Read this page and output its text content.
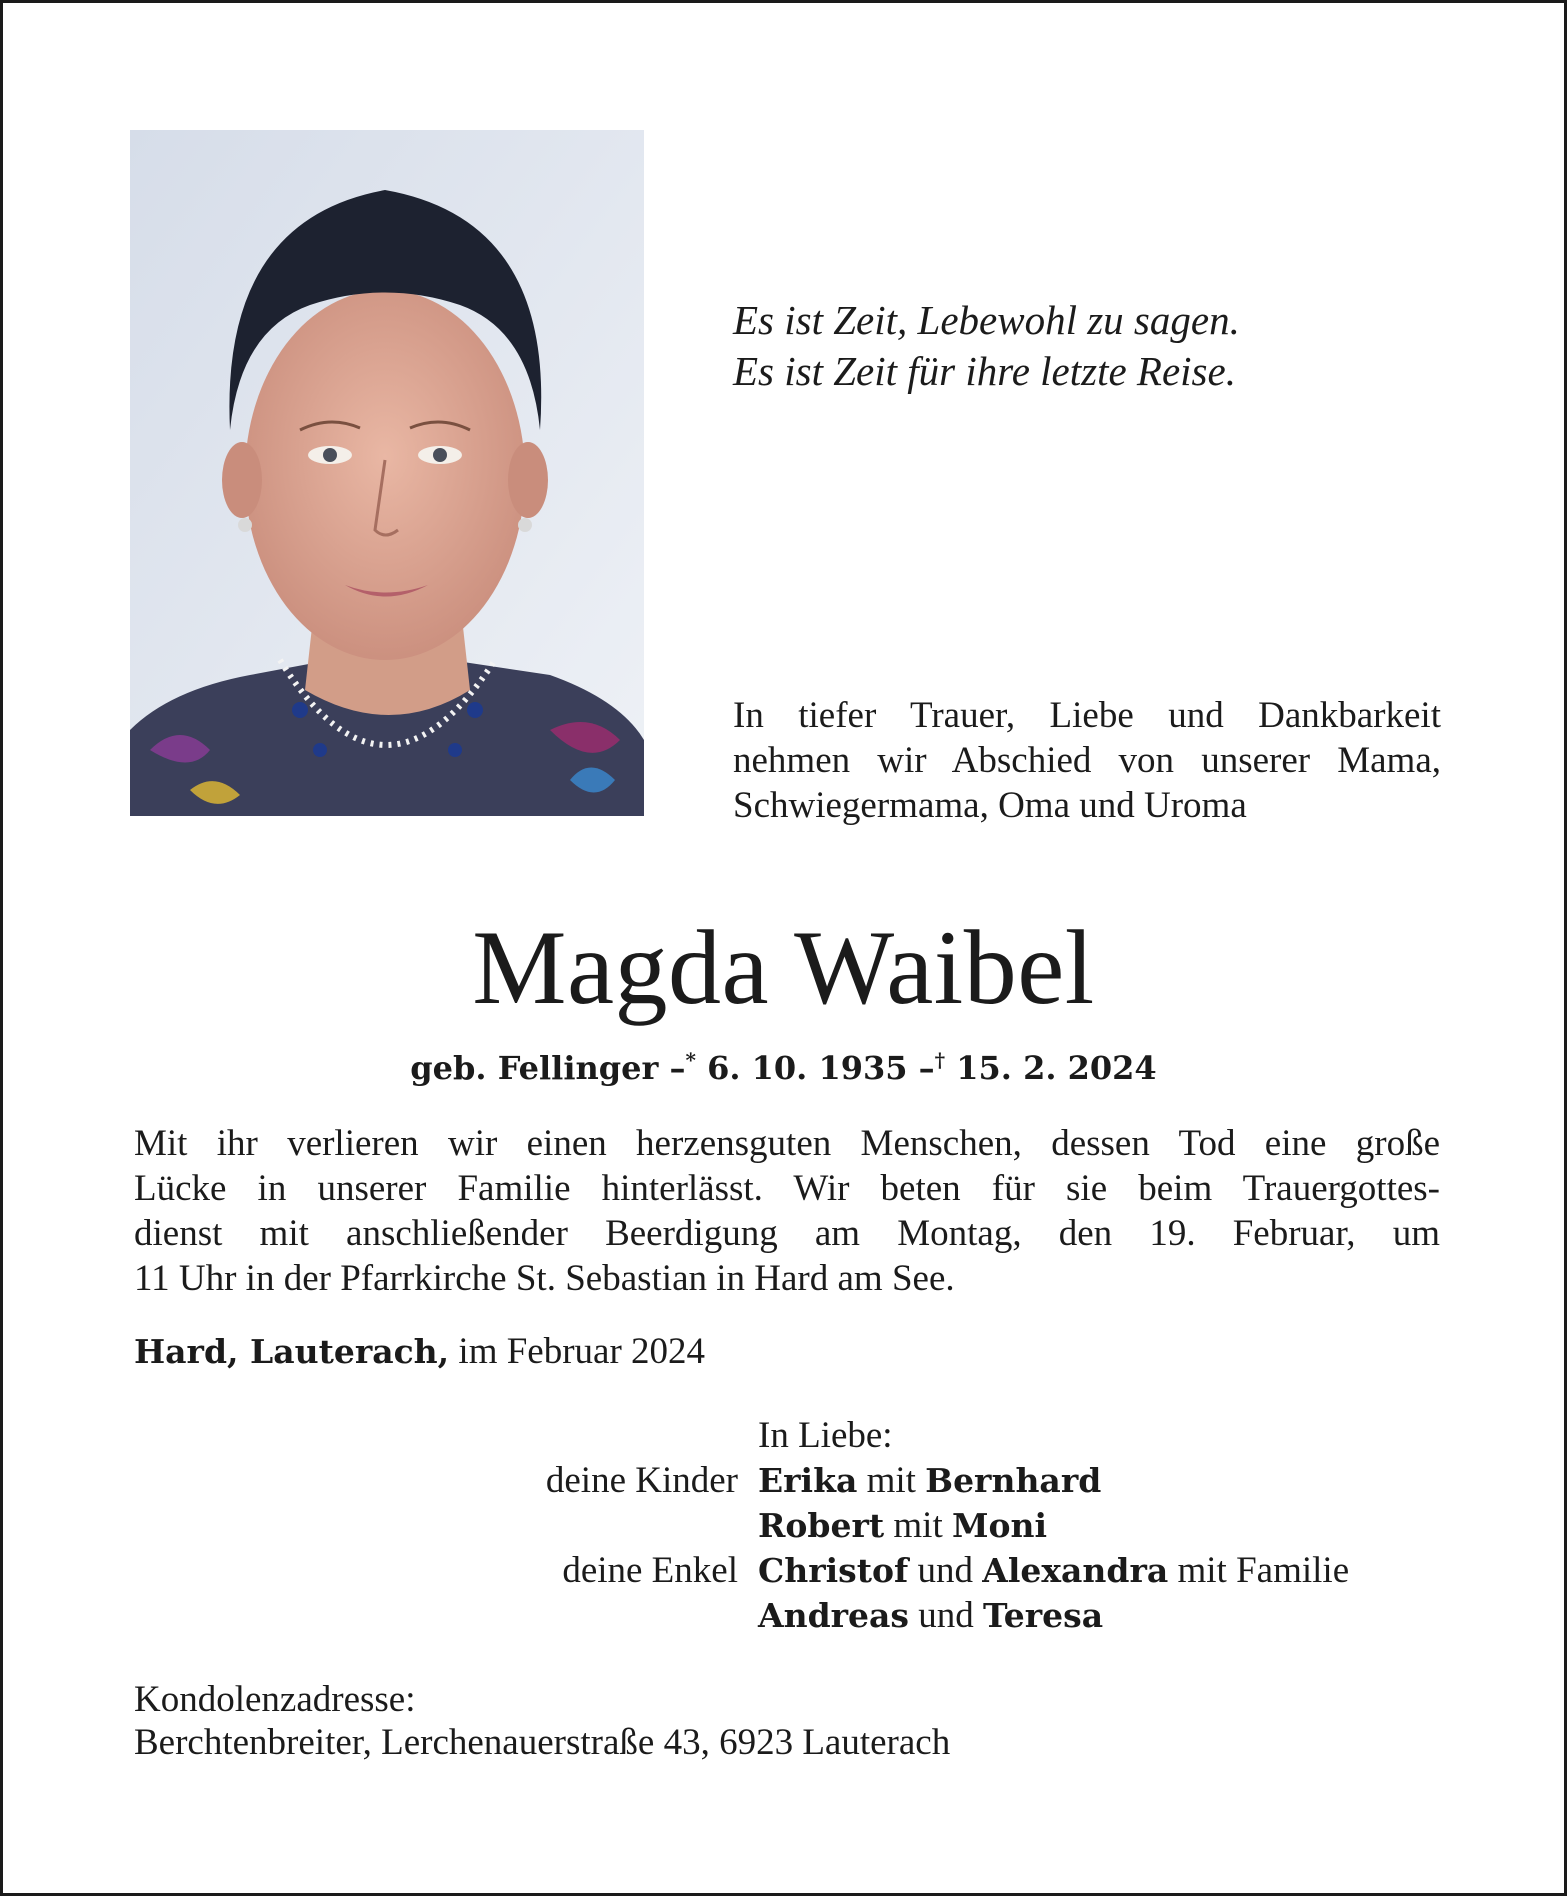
Es ist Zeit, Lebewohl zu sagen.
Es ist Zeit für ihre letzte Reise.
In tiefer Trauer, Liebe und Dankbarkeit
nehmen wir Abschied von unserer Mama,
Schwiegermama, Oma und Uroma
Magda Waibel
geb. Fellinger –* 6. 10. 1935 –† 15. 2. 2024
Mit ihr verlieren wir einen herzensguten Menschen, dessen Tod eine große
Lücke in unserer Familie hinterlässt. Wir beten für sie beim Trauergottes-
dienst mit anschließender Beerdigung am Montag, den 19. Februar, um
11 Uhr in der Pfarrkirche St. Sebastian in Hard am See.
Hard, Lauterach, im Februar 2024
In Liebe:
deine Kinder Erika mit Bernhard
Robert mit Moni
deine Enkel Christof und Alexandra mit Familie
Andreas und Teresa
Kondolenzadresse:
Berchtenbreiter, Lerchenauerstraße 43, 6923 Lauterach
